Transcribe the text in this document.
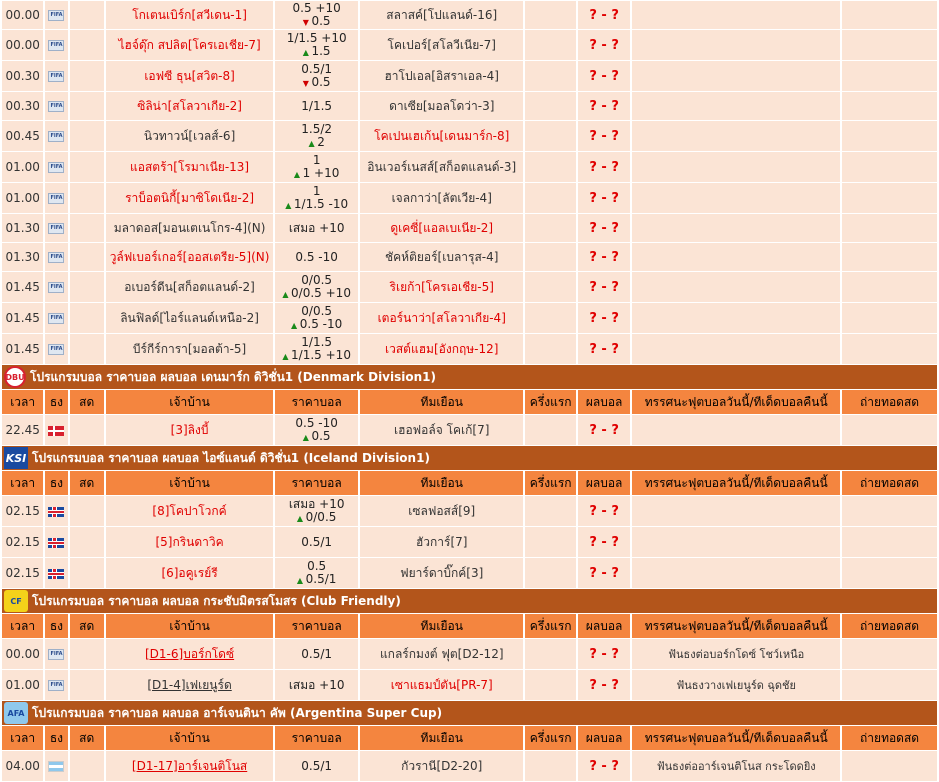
00.00	FIFA		โกเตนเบิร์ก[สวีเดน-1]	0.5 +10
▼ 0.5	สลาสค์[โปแลนด์-16]		? - ?		
00.00	FIFA		ไฮจ์ดุ๊ก สปลิต[โครเอเชีย-7]	1/1.5 +10
▲ 1.5	โคเปอร์[สโลวีเนีย-7]		? - ?		
00.30	FIFA		เอฟซี ธุน[สวิต-8]	0.5/1
▼ 0.5	ฮาโปเอล[อิสราเอล-4]		? - ?		
00.30	FIFA		ซิลิน่า[สโลวาเกีย-2]	1/1.5	ดาเซีย[มอลโดว่า-3]		? - ?		
00.45	FIFA		นิวทาวน์[เวลส์-6]	1.5/2
▲ 2	โคเปนเฮเก้น[เดนมาร์ก-8]		? - ?		
01.00	FIFA		แอสตร้า[โรมาเนีย-13]	1
▲ 1 +10	อินเวอร์เนสส์[สก็อตแลนด์-3]		? - ?		
01.00	FIFA		ราบ็อตนิกี้[มาซิโดเนีย-2]	1
▲ 1/1.5 -10	เจลกาว่า[ลัตเวีย-4]		? - ?		
01.30	FIFA		มลาดอส[มอนเตเนโกร-4](N)	เสมอ +10	ดูเคซี่[แอลเบเนีย-2]		? - ?		
01.30	FIFA		วูล์ฟเบอร์เกอร์[ออสเตรีย-5](N)	0.5 -10	ชัคห์ติยอร์[เบลารุส-4]		? - ?		
01.45	FIFA		อเบอร์ดีน[สก็อตแลนด์-2]	0/0.5
▲ 0/0.5 +10	ริเยก้า[โครเอเชีย-5]		? - ?		
01.45	FIFA		ลินฟิลด์[ไอร์แลนด์เหนือ-2]	0/0.5
▲ 0.5 -10	เตอร์นาว่า[สโลวาเกีย-4]		? - ?		
01.45	FIFA		บีร์กีร์การา[มอลต้า-5]	1/1.5
▲ 1/1.5 +10	เวสต์แฮม[อังกฤษ-12]		? - ?		

DBU โปรแกรมบอล ราคาบอล ผลบอล เดนมาร์ก ดิวิชั่น1 (Denmark Division1)									

เวลา	ธง	สด	เจ้าบ้าน	ราคาบอล	ทีมเยือน	ครึ่งแรก	ผลบอล	ทรรศนะฟุตบอลวันนี้/ทีเด็ดบอลคืนนี้	ถ่ายทอดสด
22.45			[3]ลิงบี้	0.5 -10
▲ 0.5	เฮอฟอล์จ โคเก้[7]		? - ?		

KSI โปรแกรมบอล ราคาบอล ผลบอล ไอซ์แลนด์ ดิวิชั่น1 (Iceland Division1)									

เวลา	ธง	สด	เจ้าบ้าน	ราคาบอล	ทีมเยือน	ครึ่งแรก	ผลบอล	ทรรศนะฟุตบอลวันนี้/ทีเด็ดบอลคืนนี้	ถ่ายทอดสด
02.15			[8]โคปาโวกค์	เสมอ +10
▲ 0/0.5	เซลฟอสส์[9]		? - ?		
02.15			[5]กรินดาวิค	0.5/1	ฮัวการ์[7]		? - ?		
02.15			[6]อคูเรย์รี	0.5
▲ 0.5/1	ฟยาร์ดาบิ๊กค์[3]		? - ?		

CF โปรแกรมบอล ราคาบอล ผลบอล กระชับมิตรสโมสร (Club Friendly)									

เวลา	ธง	สด	เจ้าบ้าน	ราคาบอล	ทีมเยือน	ครึ่งแรก	ผลบอล	ทรรศนะฟุตบอลวันนี้/ทีเด็ดบอลคืนนี้	ถ่ายทอดสด
00.00	FIFA		[D1-6]บอร์กโดซ์	0.5/1	แกลร์กมงต์ ฟุต[D2-12]		? - ?	ฟันธงต่อบอร์กโดซ์ โชว์เหนือ	
01.00	FIFA		[D1-4]เฟเยนูร์ด	เสมอ +10	เซาแธมป์ตัน[PR-7]		? - ?	ฟันธงวางเฟเยนูร์ด ฉุดชัย	

AFA โปรแกรมบอล ราคาบอล ผลบอล อาร์เจนตินา คัพ (Argentina Super Cup)									

เวลา	ธง	สด	เจ้าบ้าน	ราคาบอล	ทีมเยือน	ครึ่งแรก	ผลบอล	ทรรศนะฟุตบอลวันนี้/ทีเด็ดบอลคืนนี้	ถ่ายทอดสด
04.00			[D1-17]อาร์เจนติโนส	0.5/1	กัวรานี[D2-20]		? - ?	ฟันธงต่ออาร์เจนติโนส กระโดดยิง	
